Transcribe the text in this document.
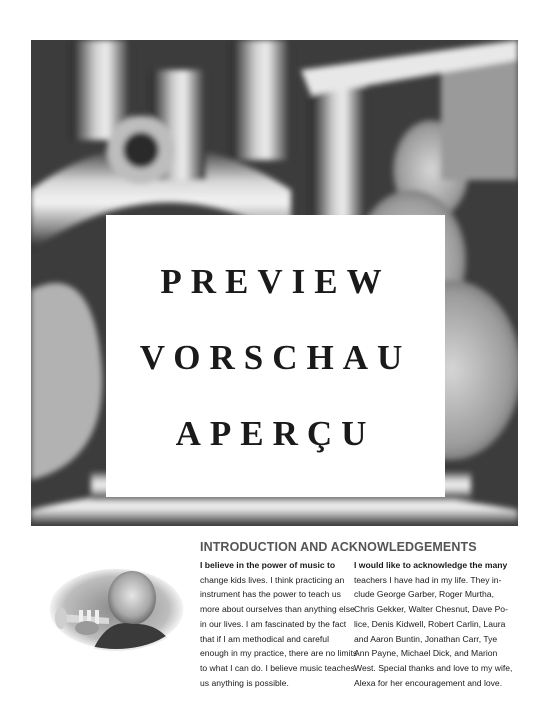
PREVIEW
VORSCHAU
APERÇU
INTRODUCTION AND ACKNOWLEDGEMENTS
I believe in the power of music to
change kids lives. I think practicing an
instrument has the power to teach us
more about ourselves than anything else
in our lives. I am fascinated by the fact
that if I am methodical and careful
enough in my practice, there are no limits
to what I can do. I believe music teaches
us anything is possible.
I would like to acknowledge the many
teachers I have had in my life. They in-
clude George Garber, Roger Murtha,
Chris Gekker, Walter Chesnut, Dave Po-
lice, Denis Kidwell, Robert Carlin, Laura
and Aaron Buntin, Jonathan Carr, Tye
Ann Payne, Michael Dick, and Marion
West. Special thanks and love to my wife,
Alexa for her encouragement and love.
